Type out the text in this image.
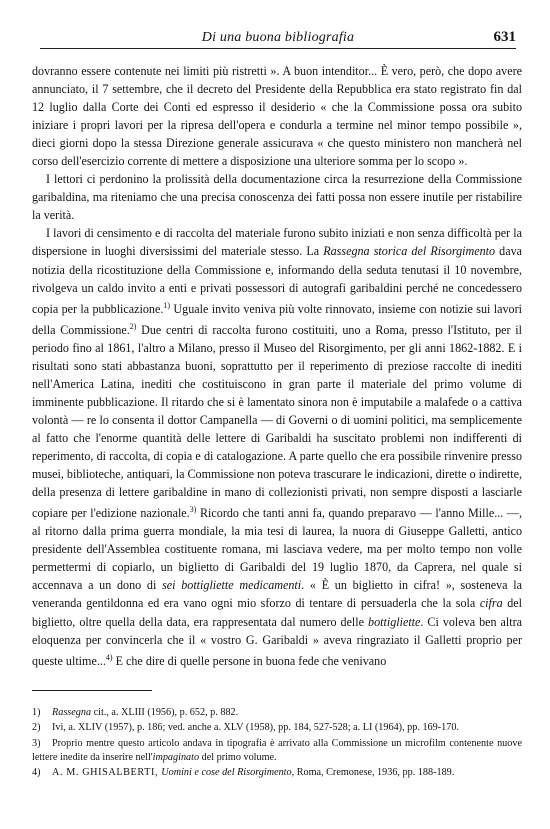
Di una buona bibliografia	631

dovranno essere contenute nei limiti più ristretti ». A buon intenditor... È vero, però, che dopo avere annunciato, il 7 settembre, che il decreto del Presidente della Repubblica era stato registrato fin dal 12 luglio dalla Corte dei Conti ed espresso il desiderio « che la Commissione possa ora subito iniziare i propri lavori per la ripresa dell'opera e condurla a termine nel minor tempo possibile », dieci giorni dopo la stessa Direzione generale assicurava « che questo ministero non mancherà nel corso dell'esercizio corrente di mettere a disposizione una ulteriore somma per lo scopo ».

I lettori ci perdonino la prolissità della documentazione circa la resurrezione della Commissione garibaldina, ma riteniamo che una precisa conoscenza dei fatti possa non essere inutile per ristabilire la verità.

I lavori di censimento e di raccolta del materiale furono subito iniziati e non senza difficoltà per la dispersione in luoghi diversissimi del materiale stesso. La Rassegna storica del Risorgimento dava notizia della ricostituzione della Commissione e, informando della seduta tenutasi il 10 novembre, rivolgeva un caldo invito a enti e privati possessori di autografi garibaldini perché ne concedessero copia per la pubblicazione.$^{1)}$ Uguale invito veniva più volte rinnovato, insieme con notizie sui lavori della Commissione.$^{2)}$ Due centri di raccolta furono costituiti, uno a Roma, presso l'Istituto, per il periodo fino al 1861, l'altro a Milano, presso il Museo del Risorgimento, per gli anni 1862-1882. E i risultati sono stati abbastanza buoni, soprattutto per il reperimento di preziose raccolte di inediti nell'America Latina, inediti che costituiscono in gran parte il materiale del primo volume di imminente pubblicazione. Il ritardo che si è lamentato sinora non è imputabile a malafede o a cattiva volontà — re lo consenta il dottor Campanella — di Governi o di uomini politici, ma semplicemente al fatto che l'enorme quantità delle lettere di Garibaldi ha suscitato problemi non indifferenti di reperimento, di raccolta, di copia e di catalogazione. A parte quello che era possibile rinvenire presso musei, biblioteche, antiquari, la Commissione non poteva trascurare le indicazioni, dirette o indirette, della presenza di lettere garibaldine in mano di collezionisti privati, non sempre disposti a lasciarle copiare per l'edizione nazionale.$^{3)}$ Ricordo che tanti anni fa, quando preparavo — l'anno Mille... —, al ritorno dalla prima guerra mondiale, la mia tesi di laurea, la nuora di Giuseppe Galletti, antico presidente dell'Assemblea costituente romana, mi lasciava vedere, ma per molto tempo non volle permettermi di copiarlo, un biglietto di Garibaldi del 19 luglio 1870, da Caprera, nel quale si accennava a un dono di sei bottigliette medicamenti. « È un biglietto in cifra! », sosteneva la veneranda gentildonna ed era vano ogni mio sforzo di tentare di persuaderla che la sola cifra del biglietto, oltre quella della data, era rappresentata dal numero delle bottigliette. Ci voleva ben altra eloquenza per convincerla che il « vostro G. Garibaldi » aveva ringraziato il Galletti proprio per queste ultime...$^{4)}$ E che dire di quelle persone in buona fede che venivano

1) Rassegna cit., a. XLIII (1956), p. 652, p. 882.

2) Ivi, a. XLIV (1957), p. 186; ved. anche a. XLV (1958), pp. 184, 527-528; a. LI (1964), pp. 169-170.

3) Proprio mentre questo articolo andava in tipografia è arrivato alla Commissione un microfilm contenente nuove lettere inedite da inserire nell'impaginato del primo volume.

4) A. M. GHISALBERTI, Uomini e cose del Risorgimento, Roma, Cremonese, 1936, pp. 188-189.
